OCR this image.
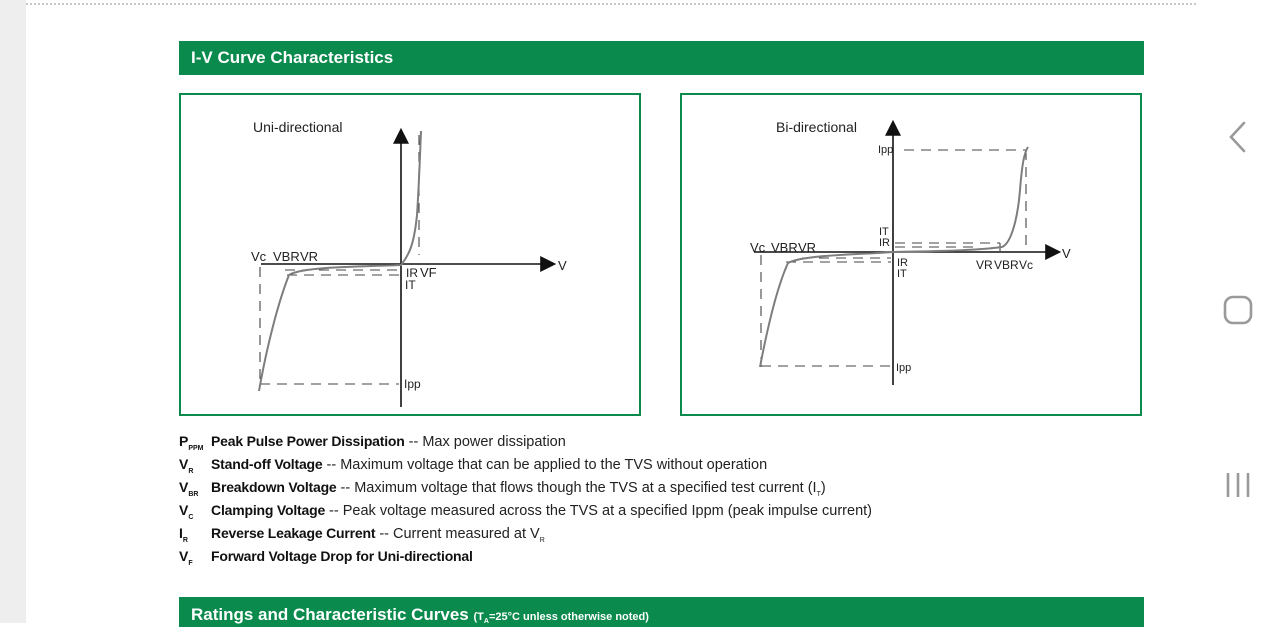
I-V Curve Characteristics
Uni-directional
Vc VBR VR
V
IR VF
IT
Ipp
Bi-directional
Ipp
IT
IR
Vc VBR VR	V
IR
IT
VR VBR Vc
Ipp
$P_{PPM}$ Peak Pulse Power Dissipation -- Max power dissipation
$V_R$ Stand-off Voltage -- Maximum voltage that can be applied to the TVS without operation
$V_{BR}$ Breakdown Voltage -- Maximum voltage that flows though the TVS at a specified test current $(I_T)$
$V_C$ Clamping Voltage -- Peak voltage measured across the TVS at a specified Ippm (peak impulse current)
$I_R$ Reverse Leakage Current -- Current measured at $V_R$
$V_F$ Forward Voltage Drop for Uni-directional
Ratings and Characteristic Curves ($T_A=25^\circ C$ unless otherwise noted)
